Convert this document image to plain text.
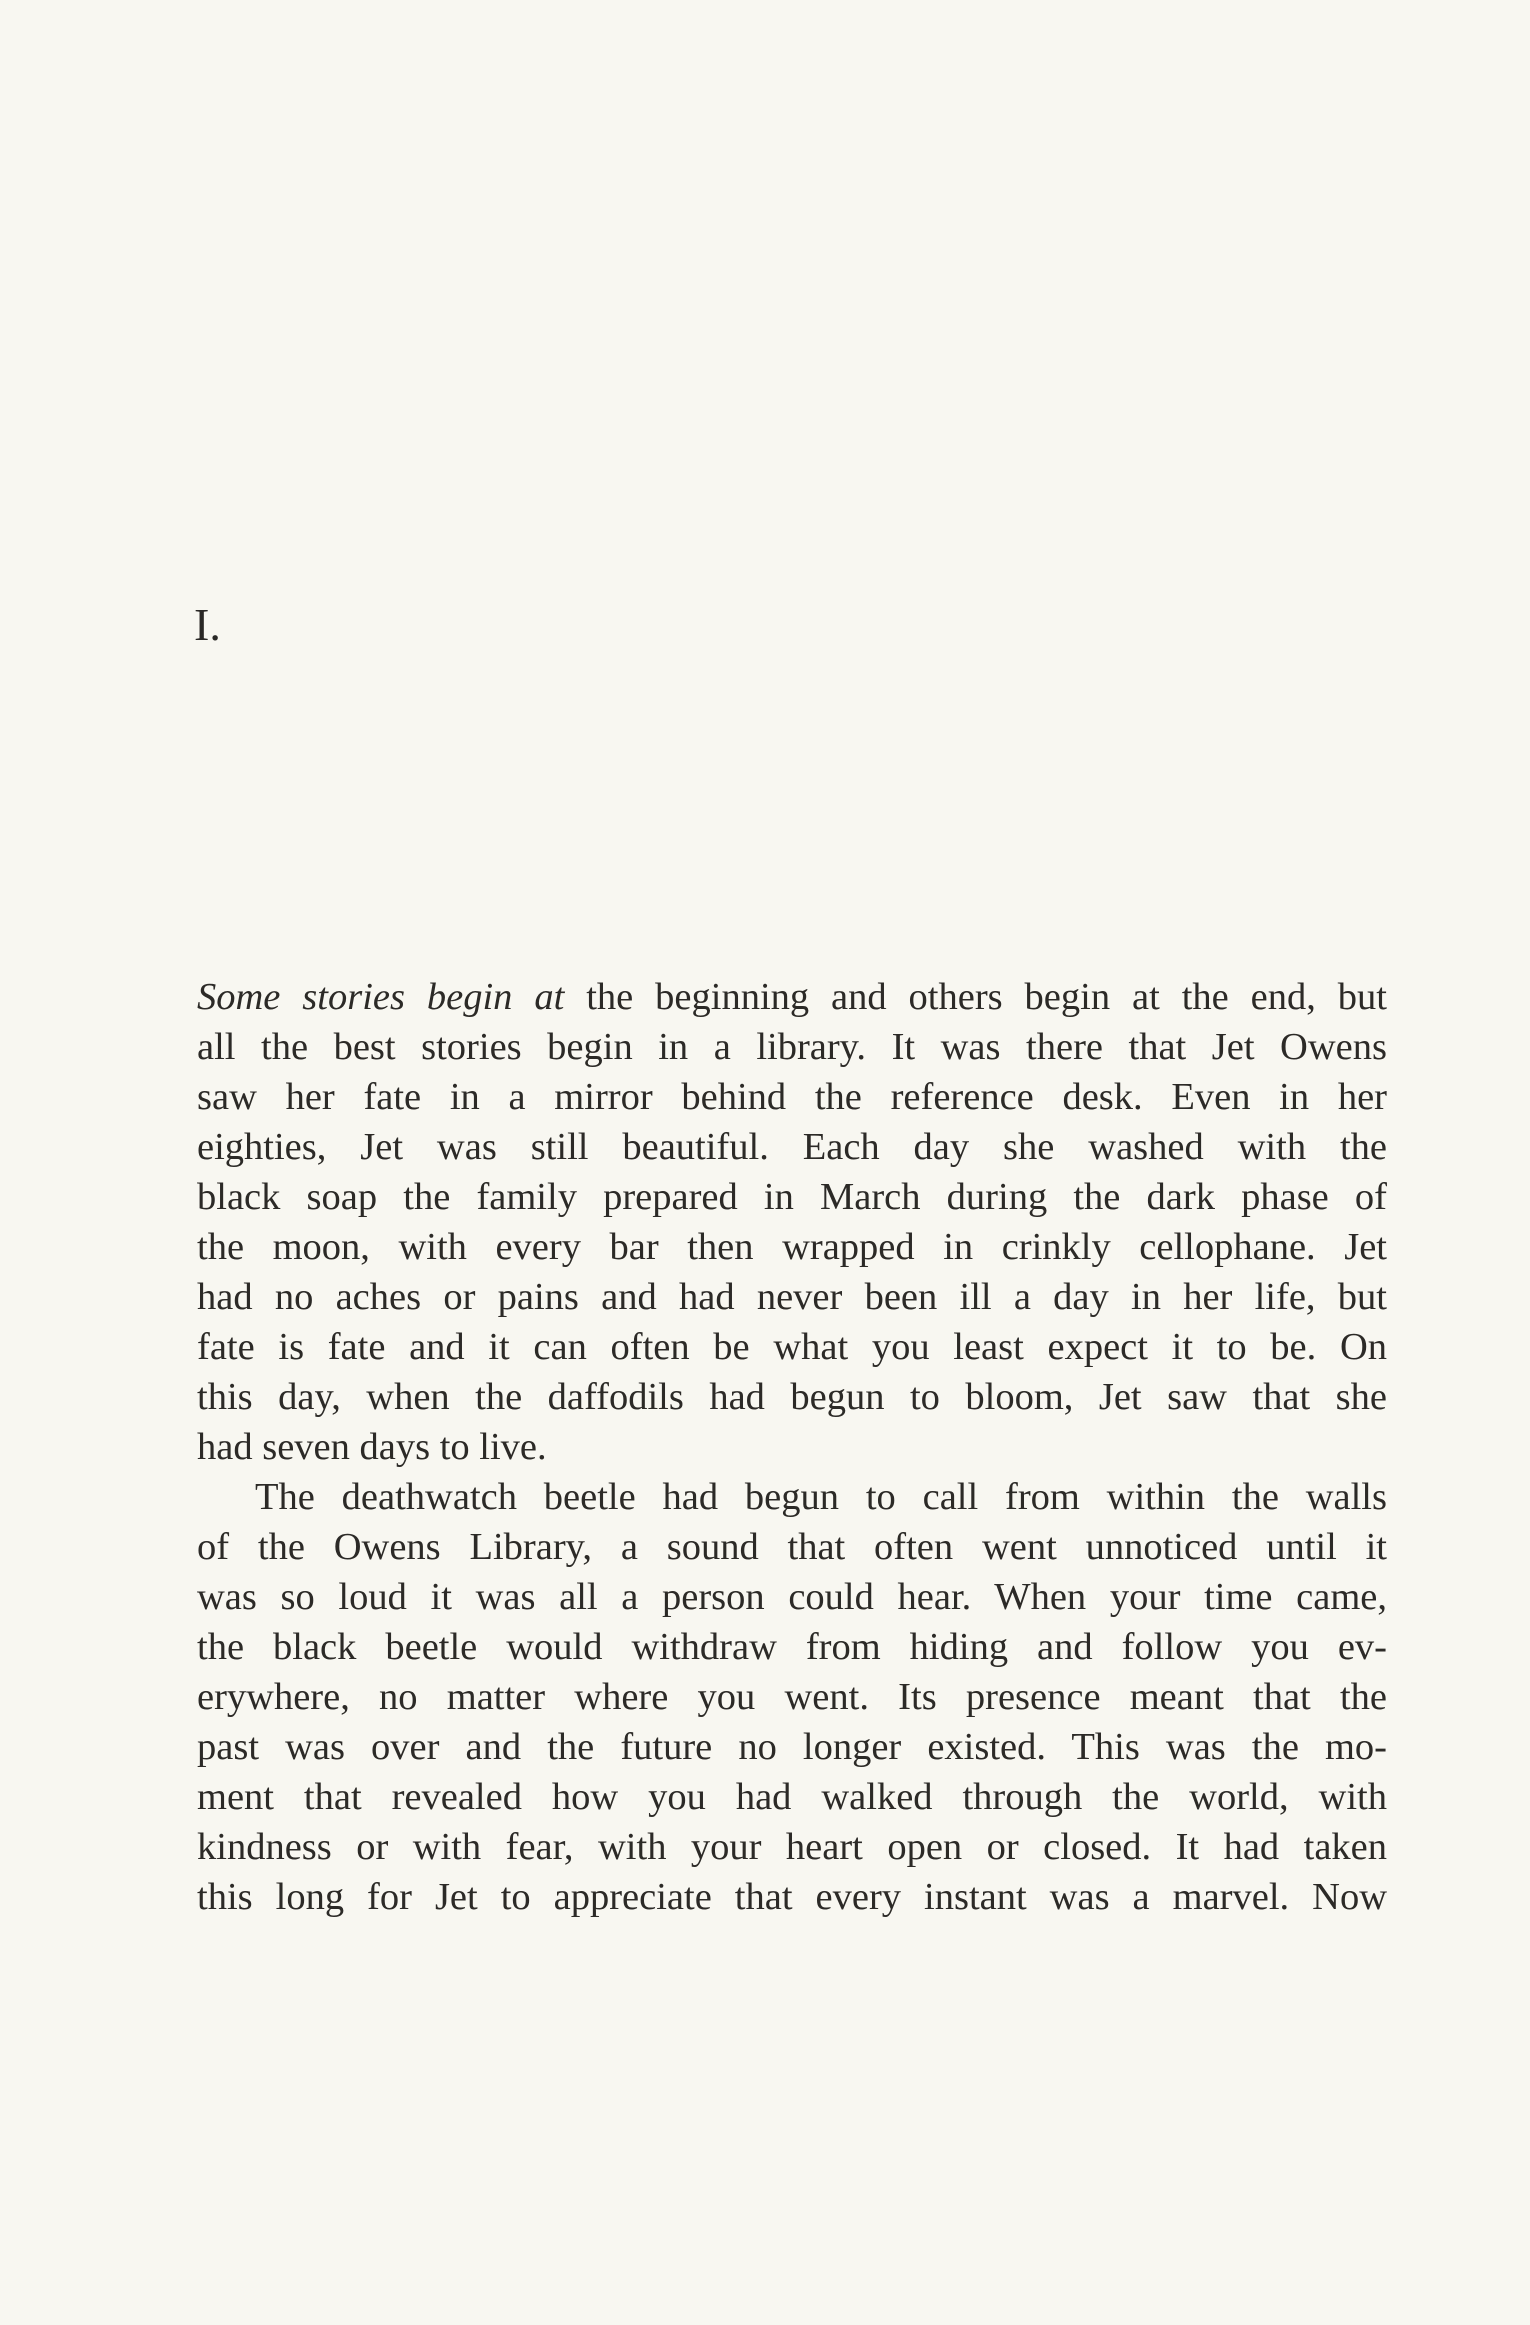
I.
Some stories begin at the beginning and others begin at the end, but
all the best stories begin in a library. It was there that Jet Owens
saw her fate in a mirror behind the reference desk. Even in her
eighties, Jet was still beautiful. Each day she washed with the
black soap the family prepared in March during the dark phase of
the moon, with every bar then wrapped in crinkly cellophane. Jet
had no aches or pains and had never been ill a day in her life, but
fate is fate and it can often be what you least expect it to be. On
this day, when the daffodils had begun to bloom, Jet saw that she
had seven days to live.
The deathwatch beetle had begun to call from within the walls
of the Owens Library, a sound that often went unnoticed until it
was so loud it was all a person could hear. When your time came,
the black beetle would withdraw from hiding and follow you ev-
erywhere, no matter where you went. Its presence meant that the
past was over and the future no longer existed. This was the mo-
ment that revealed how you had walked through the world, with
kindness or with fear, with your heart open or closed. It had taken
this long for Jet to appreciate that every instant was a marvel. Now
